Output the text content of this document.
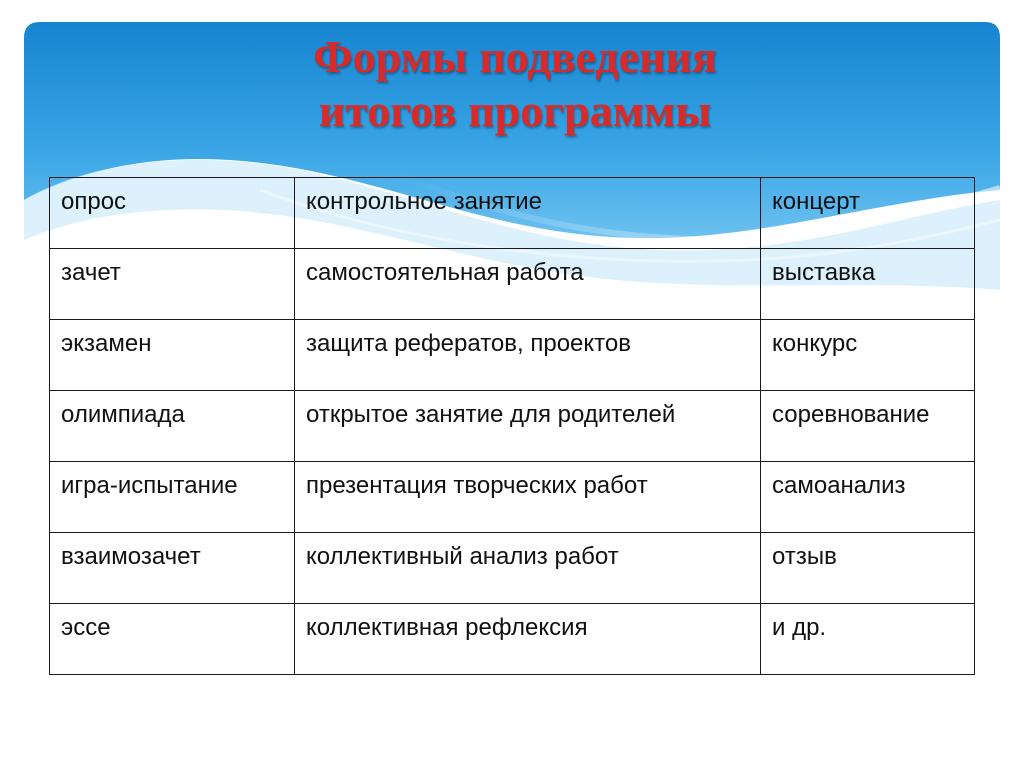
Формы подведения
итогов программы
опрос	контрольное занятие	концерт
зачет	самостоятельная работа	выставка
экзамен	защита рефератов, проектов	конкурс
олимпиада	открытое занятие для родителей	соревнование
игра-испытание	презентация творческих работ	самоанализ
взаимозачет	коллективный анализ работ	отзыв
эссе	коллективная рефлексия	и др.
